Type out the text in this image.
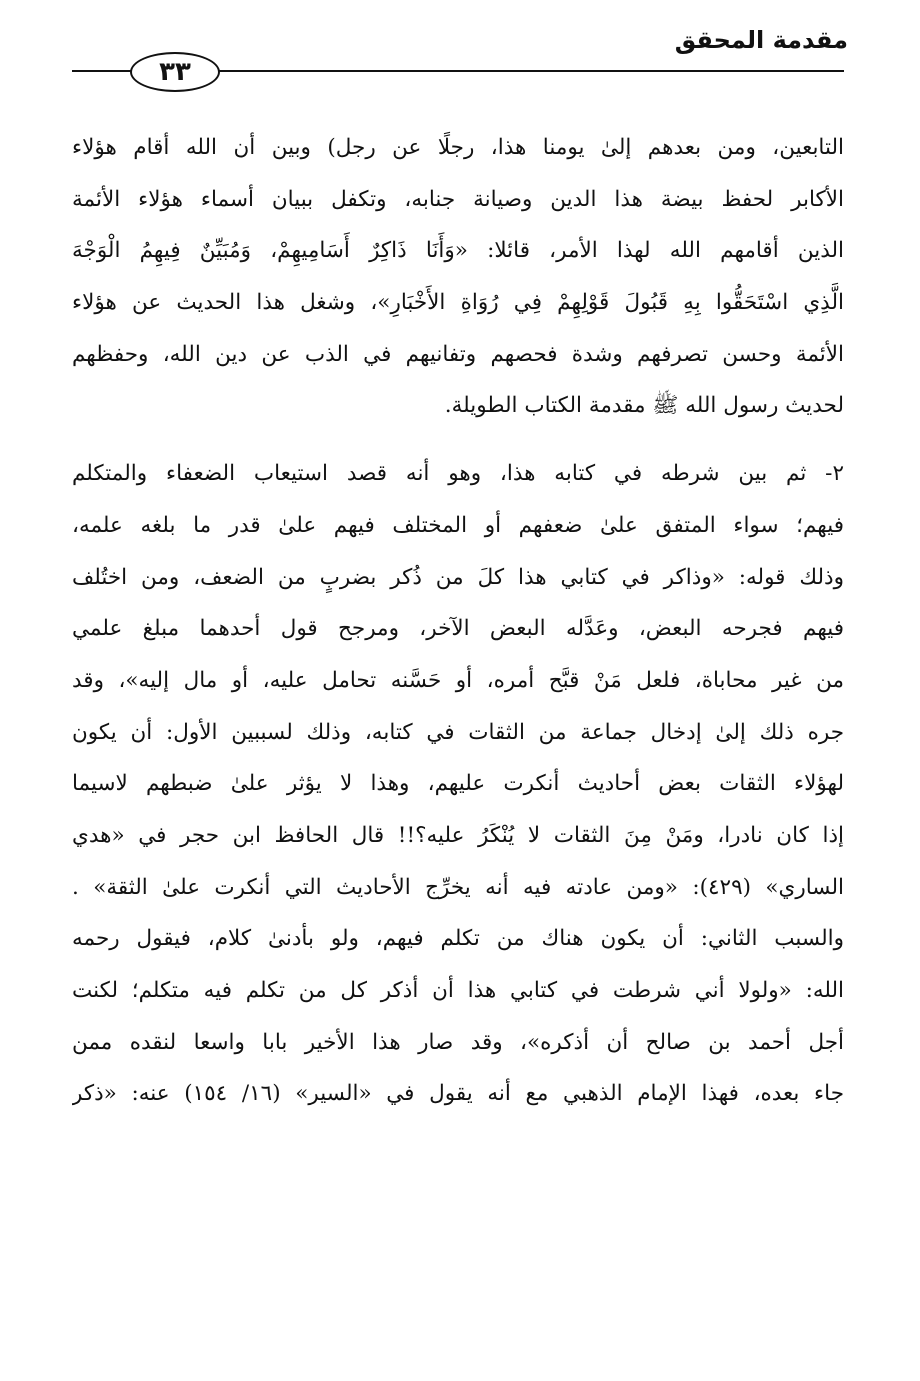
مقدمة المحقق
٣٣
التابعين، ومن بعدهم إلىٰ يومنا هذا، رجلًا عن رجل) وبين أن الله أقام هؤلاء
الأكابر لحفظ بيضة هذا الدين وصيانة جنابه، وتكفل ببيان أسماء هؤلاء الأئمة
الذين أقامهم الله لهذا الأمر، قائلا: «وَأَنَا ذَاكِرٌ أَسَامِيهِمْ، وَمُبَيِّنٌ فِيهِمُ الْوَجْهَ
الَّذِي اسْتَحَقُّوا بِهِ قَبُولَ قَوْلِهِمْ فِي رُوَاةِ الأَخْبَارِ»، وشغل هذا الحديث عن هؤلاء
الأئمة وحسن تصرفهم وشدة فحصهم وتفانيهم في الذب عن دين الله، وحفظهم
لحديث رسول الله ﷺ مقدمة الكتاب الطويلة.
٢- ثم بين شرطه في كتابه هذا، وهو أنه قصد استيعاب الضعفاء والمتكلم
فيهم؛ سواء المتفق علىٰ ضعفهم أو المختلف فيهم علىٰ قدر ما بلغه علمه،
وذلك قوله: «وذاكر في كتابي هذا كلَ من ذُكر بضربٍ من الضعف، ومن اختُلف
فيهم فجرحه البعض، وعَدَّله البعض الآخر، ومرجح قول أحدهما مبلغ علمي
من غير محاباة، فلعل مَنْ قبَّح أمره، أو حَسَّنه تحامل عليه، أو مال إليه»، وقد
جره ذلك إلىٰ إدخال جماعة من الثقات في كتابه، وذلك لسببين الأول: أن يكون
لهؤلاء الثقات بعض أحاديث أنكرت عليهم، وهذا لا يؤثر علىٰ ضبطهم لاسيما
إذا كان نادرا، ومَنْ مِنَ الثقات لا يُنْكَرُ عليه؟!! قال الحافظ ابن حجر في «هدي
الساري» (٤٢٩): «ومن عادته فيه أنه يخرِّج الأحاديث التي أنكرت علىٰ الثقة» .
والسبب الثاني: أن يكون هناك من تكلم فيهم، ولو بأدنىٰ كلام، فيقول رحمه
الله: «ولولا أني شرطت في كتابي هذا أن أذكر كل من تكلم فيه متكلم؛ لكنت
أجل أحمد بن صالح أن أذكره»، وقد صار هذا الأخير بابا واسعا لنقده ممن
جاء بعده، فهذا الإمام الذهبي مع أنه يقول في «السير» (١٦/ ١٥٤) عنه: «ذكر
